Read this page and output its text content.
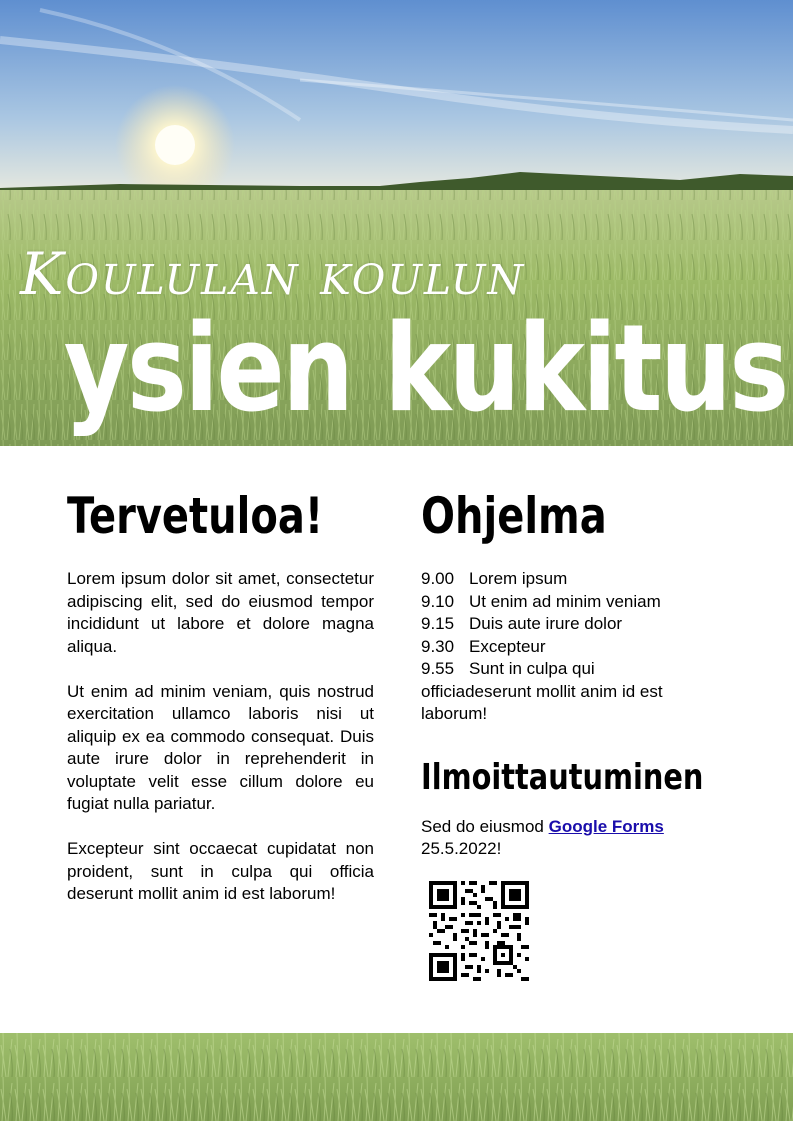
Koululan koulun
ysien kukitus
Tervetuloa!

Lorem ipsum dolor sit amet, consectetur adipiscing elit, sed do eiusmod tempor incididunt ut labore et dolore magna aliqua.

Ut enim ad minim veniam, quis nostrud exercitation ullamco laboris nisi ut aliquip ex ea commodo consequat. Duis aute irure dolor in reprehenderit in voluptate velit esse cillum dolore eu fugiat nulla pariatur.

Excepteur sint occaecat cupidatat non proident, sunt in culpa qui officia deserunt mollit anim id est laborum!

Ohjelma
9.00 Lorem ipsum
9.10 Ut enim ad minim veniam
9.15 Duis aute irure dolor
9.30 Excepteur
9.55 Sunt in culpa qui
officiadeserunt mollit anim id est laborum!
Ilmoittautuminen

Sed do eiusmod Google Forms
25.5.2022!
